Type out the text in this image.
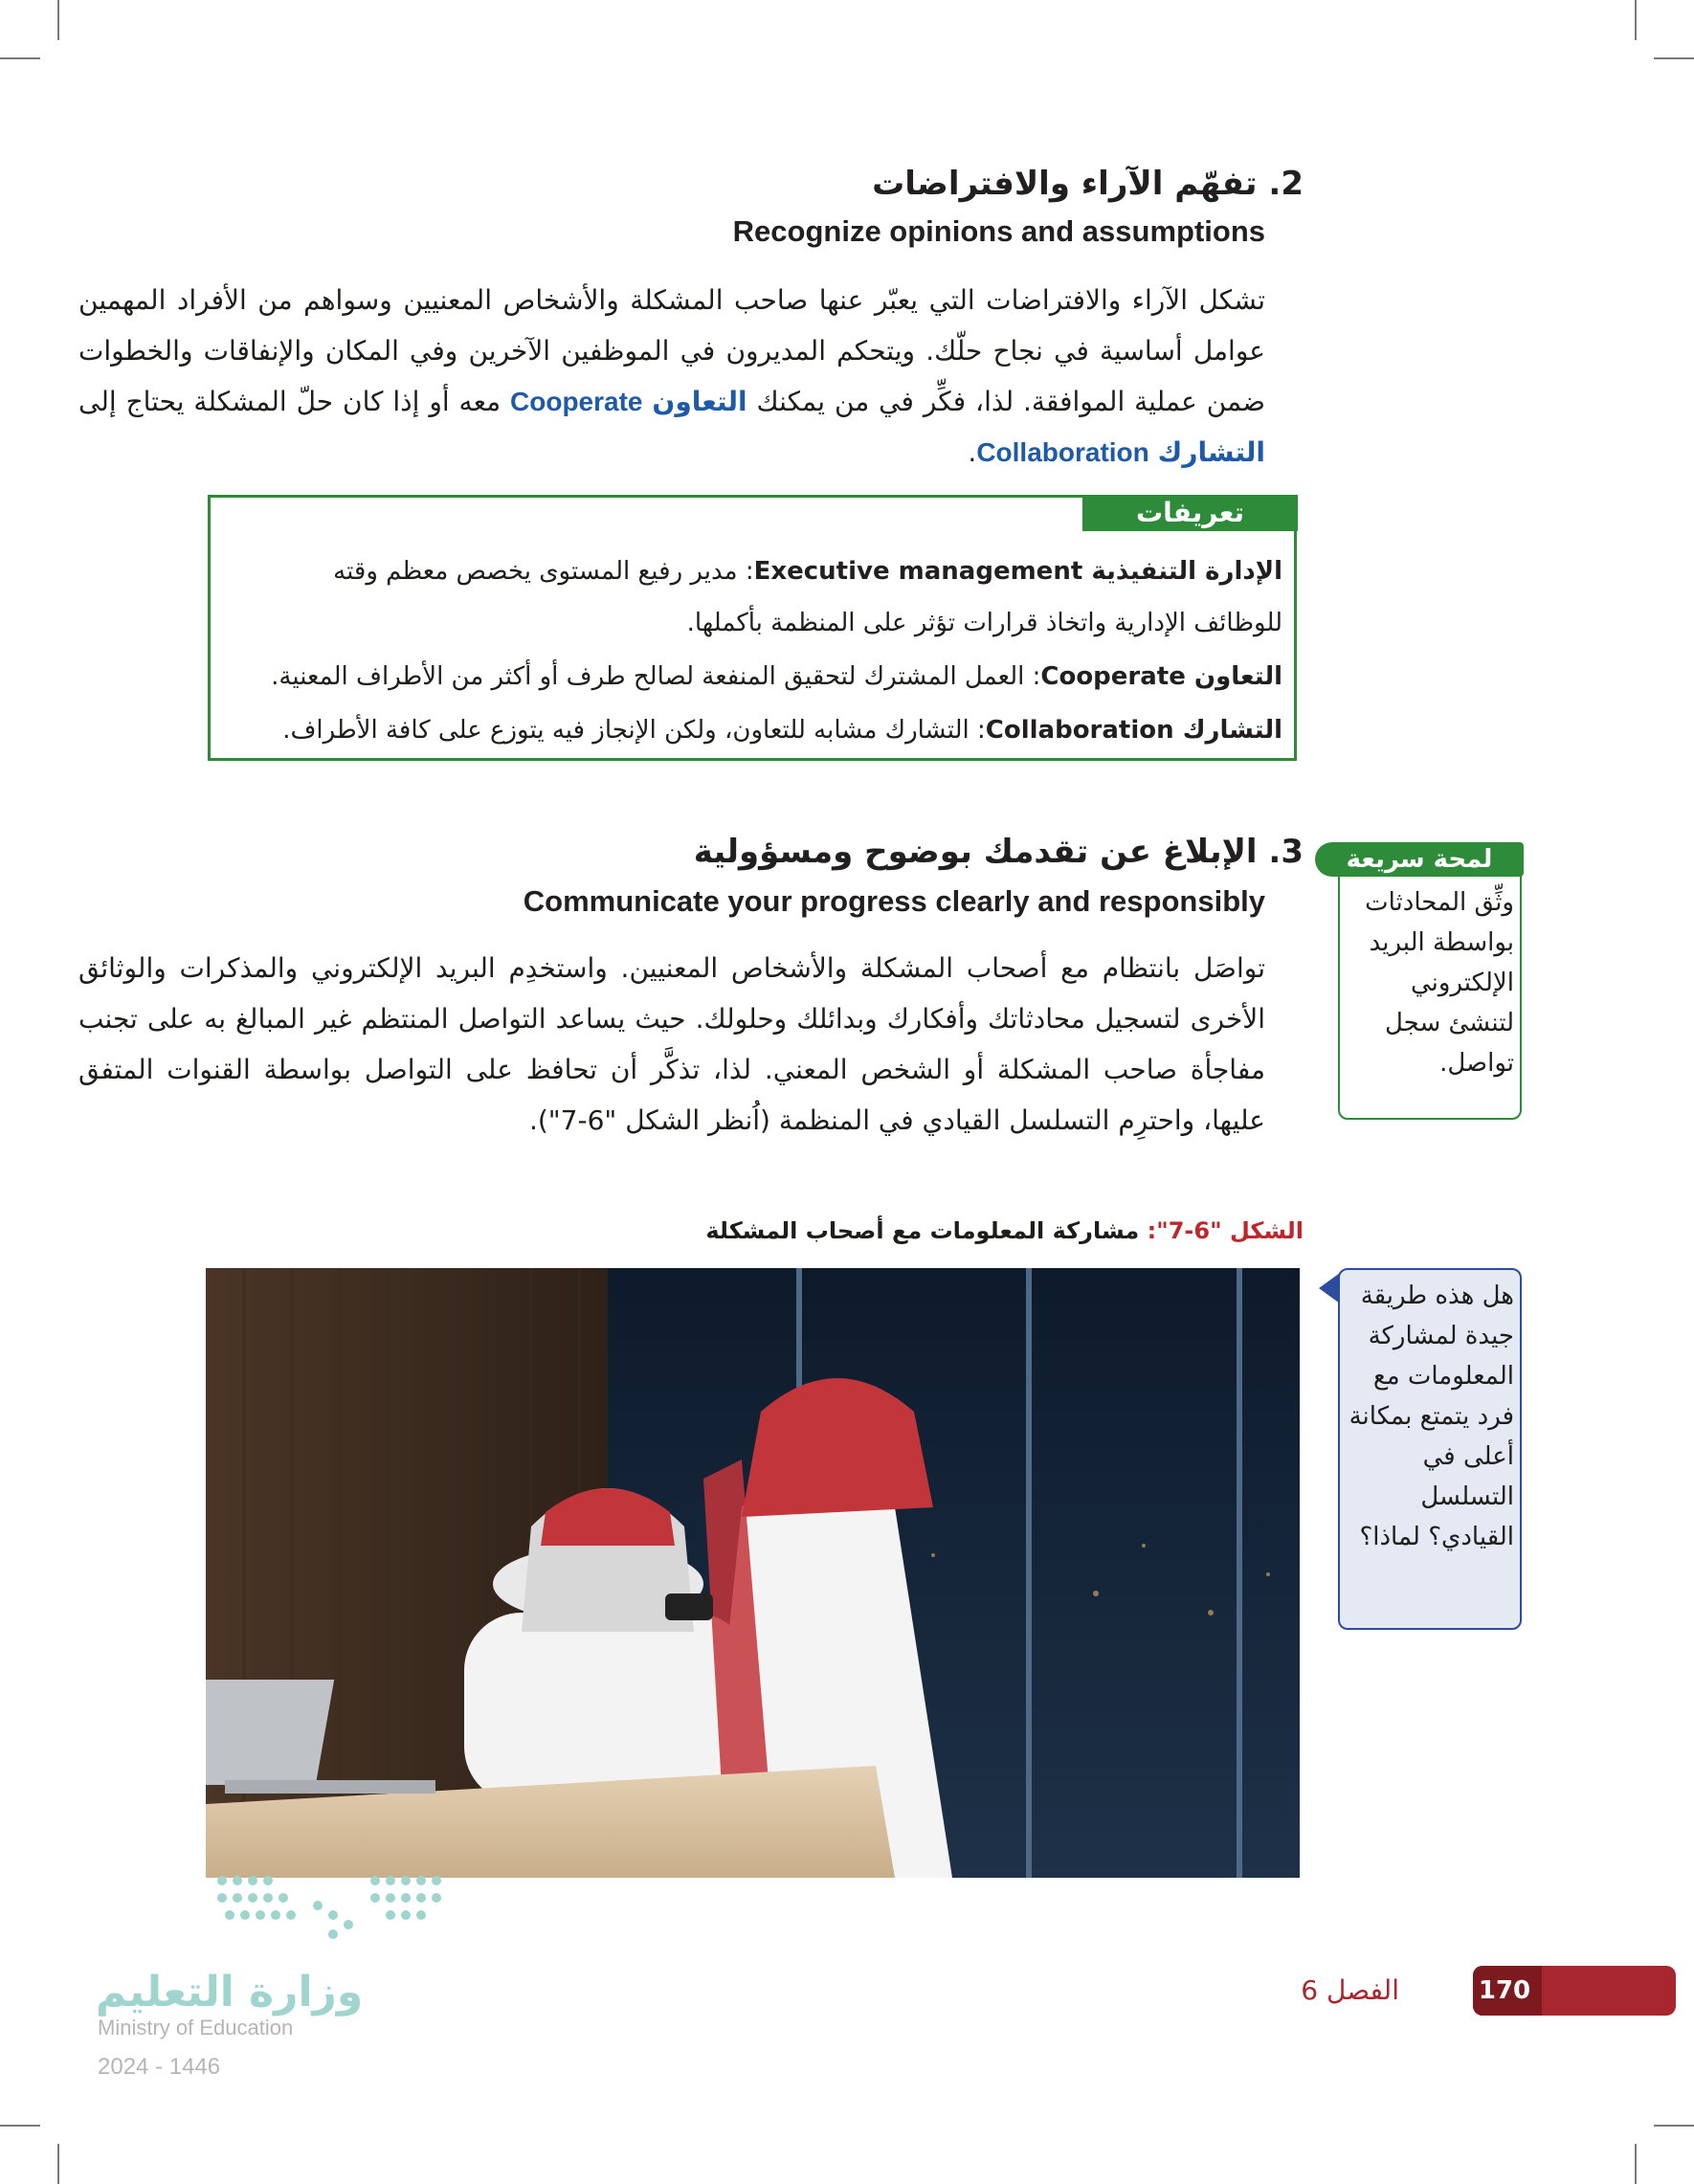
2. تفهّم الآراء والافتراضات
Recognize opinions and assumptions

تشكل الآراء والافتراضات التي يعبّر عنها صاحب المشكلة والأشخاص المعنيين وسواهم من الأفراد المهمين عوامل أساسية في نجاح حلّك. ويتحكم المديرون في الموظفين الآخرين وفي المكان والإنفاقات والخطوات ضمن عملية الموافقة. لذا، فكِّر في من يمكنك التعاون Cooperate معه أو إذا كان حلّ المشكلة يحتاج إلى التشارك Collaboration.

تعريفات
الإدارة التنفيذية Executive management: مدير رفيع المستوى يخصص معظم وقته
للوظائف الإدارية واتخاذ قرارات تؤثر على المنظمة بأكملها.
التعاون Cooperate: العمل المشترك لتحقيق المنفعة لصالح طرف أو أكثر من الأطراف المعنية.
التشارك Collaboration: التشارك مشابه للتعاون، ولكن الإنجاز فيه يتوزع على كافة الأطراف.
3. الإبلاغ عن تقدمك بوضوح ومسؤولية
Communicate your progress clearly and responsibly

تواصَل بانتظام مع أصحاب المشكلة والأشخاص المعنيين. واستخدِم البريد الإلكتروني والمذكرات والوثائق الأخرى لتسجيل محادثاتك وأفكارك وبدائلك وحلولك. حيث يساعد التواصل المنتظم غير المبالغ به على تجنب مفاجأة صاحب المشكلة أو الشخص المعني. لذا، تذكَّر أن تحافظ على التواصل بواسطة القنوات المتفق عليها، واحترِم التسلسل القيادي في المنظمة (اُنظر الشكل "6-7").

لمحة سريعة
وثِّق المحادثات بواسطة البريد الإلكتروني لتنشئ سجل تواصل.
الشكل "6-7": مشاركة المعلومات مع أصحاب المشكلة
هل هذه طريقة جيدة لمشاركة المعلومات مع فرد يتمتع بمكانة أعلى في التسلسل القيادي؟ لماذا؟
وزارة التعليم
Ministry of Education
2024 - 1446
170
الفصل 6
